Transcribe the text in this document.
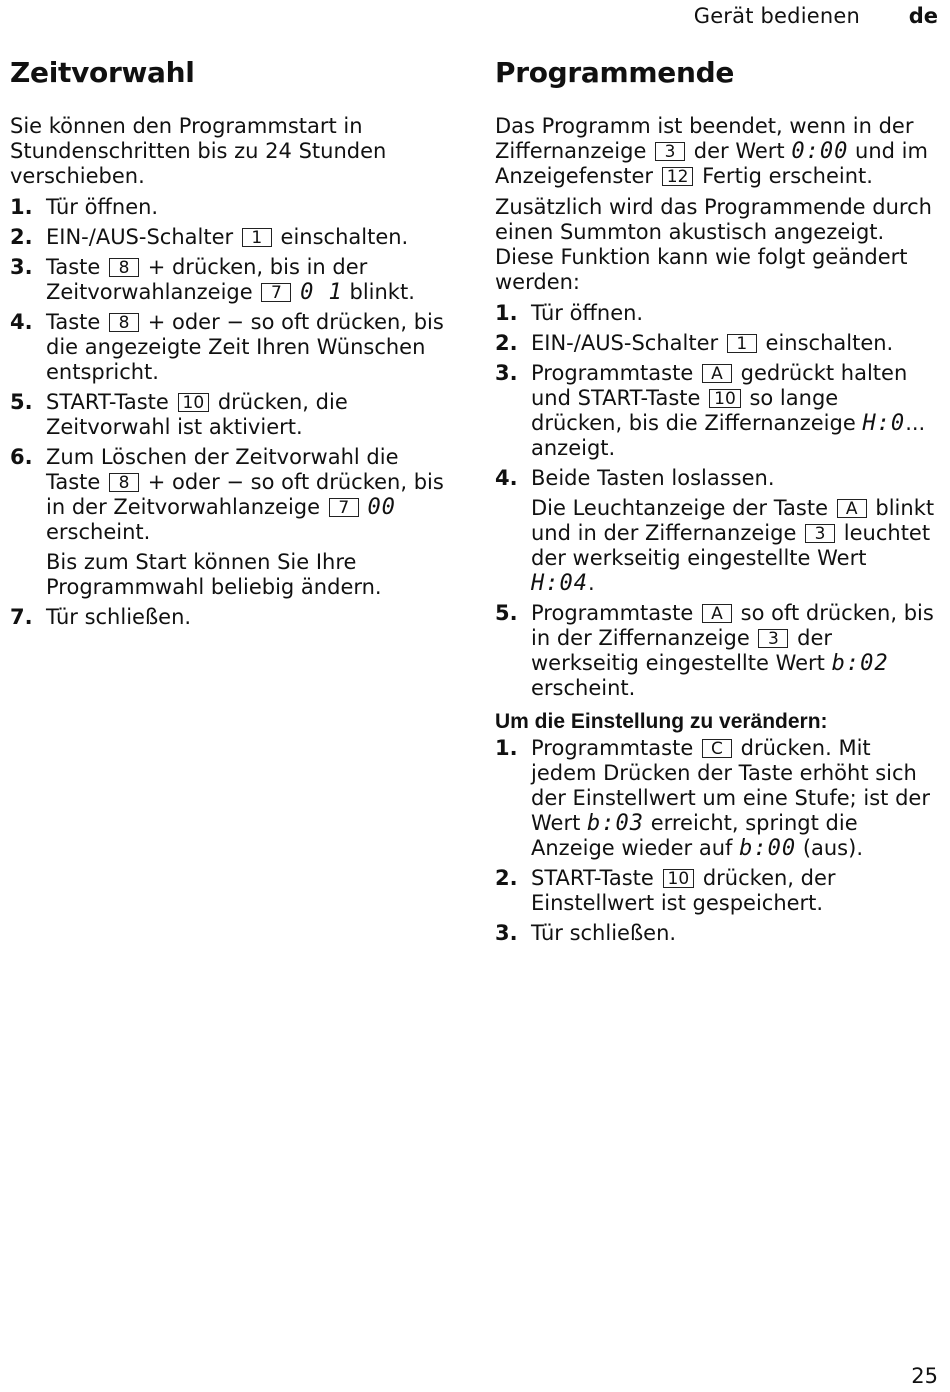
Gerät bedienen de
Zeitvorwahl

Sie können den Programmstart in Stundenschritten bis zu 24 Stunden verschieben.

1. Tür öffnen.
2. EIN-/AUS-Schalter 1 einschalten.
3. Taste 8 + drücken, bis in der Zeitvorwahlanzeige 7 0 1 blinkt.
4. Taste 8 + oder − so oft drücken, bis die angezeigte Zeit Ihren Wünschen entspricht.
5. START-Taste 10 drücken, die Zeitvorwahl ist aktiviert.
6. Zum Löschen der Zeitvorwahl die Taste 8 + oder − so oft drücken, bis in der Zeitvorwahlanzeige 7 00 erscheint.
Bis zum Start können Sie Ihre Programmwahl beliebig ändern.
7. Tür schließen.
Programmende

Das Programm ist beendet, wenn in der Ziffernanzeige 3 der Wert 0:00 und im Anzeigefenster 12 Fertig erscheint.

Zusätzlich wird das Programmende durch einen Summton akustisch angezeigt. Diese Funktion kann wie folgt geändert werden:

1. Tür öffnen.
2. EIN-/AUS-Schalter 1 einschalten.
3. Programmtaste A gedrückt halten und START-Taste 10 so lange drücken, bis die Ziffernanzeige H:0... anzeigt.
4. Beide Tasten loslassen.
Die Leuchtanzeige der Taste A blinkt und in der Ziffernanzeige 3 leuchtet der werkseitig eingestellte Wert H:04.
5. Programmtaste A so oft drücken, bis in der Ziffernanzeige 3 der werkseitig eingestellte Wert b:02 erscheint.
Um die Einstellung zu verändern:
1. Programmtaste C drücken. Mit jedem Drücken der Taste erhöht sich der Einstellwert um eine Stufe; ist der Wert b:03 erreicht, springt die Anzeige wieder auf b:00 (aus).
2. START-Taste 10 drücken, der Einstellwert ist gespeichert.
3. Tür schließen.
25
